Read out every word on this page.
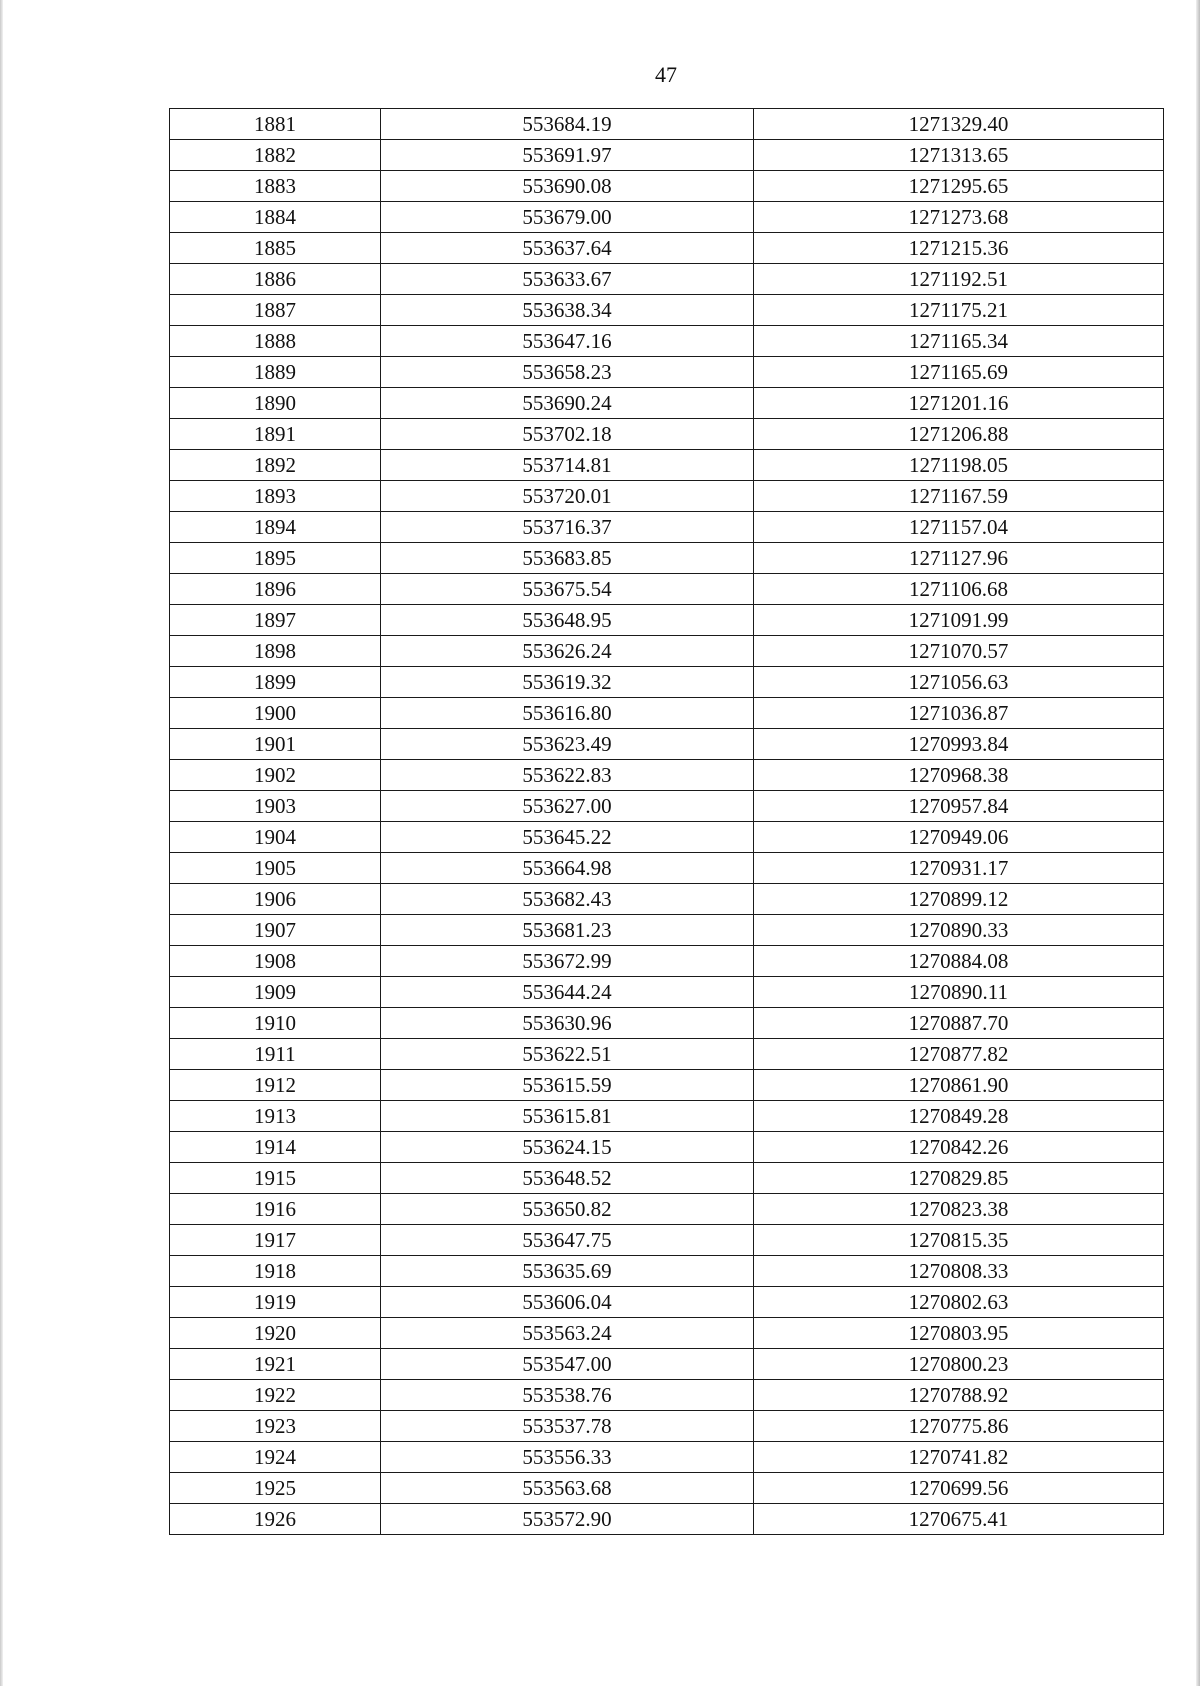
47
1881	553684.19	1271329.40
1882	553691.97	1271313.65
1883	553690.08	1271295.65
1884	553679.00	1271273.68
1885	553637.64	1271215.36
1886	553633.67	1271192.51
1887	553638.34	1271175.21
1888	553647.16	1271165.34
1889	553658.23	1271165.69
1890	553690.24	1271201.16
1891	553702.18	1271206.88
1892	553714.81	1271198.05
1893	553720.01	1271167.59
1894	553716.37	1271157.04
1895	553683.85	1271127.96
1896	553675.54	1271106.68
1897	553648.95	1271091.99
1898	553626.24	1271070.57
1899	553619.32	1271056.63
1900	553616.80	1271036.87
1901	553623.49	1270993.84
1902	553622.83	1270968.38
1903	553627.00	1270957.84
1904	553645.22	1270949.06
1905	553664.98	1270931.17
1906	553682.43	1270899.12
1907	553681.23	1270890.33
1908	553672.99	1270884.08
1909	553644.24	1270890.11
1910	553630.96	1270887.70
1911	553622.51	1270877.82
1912	553615.59	1270861.90
1913	553615.81	1270849.28
1914	553624.15	1270842.26
1915	553648.52	1270829.85
1916	553650.82	1270823.38
1917	553647.75	1270815.35
1918	553635.69	1270808.33
1919	553606.04	1270802.63
1920	553563.24	1270803.95
1921	553547.00	1270800.23
1922	553538.76	1270788.92
1923	553537.78	1270775.86
1924	553556.33	1270741.82
1925	553563.68	1270699.56
1926	553572.90	1270675.41
